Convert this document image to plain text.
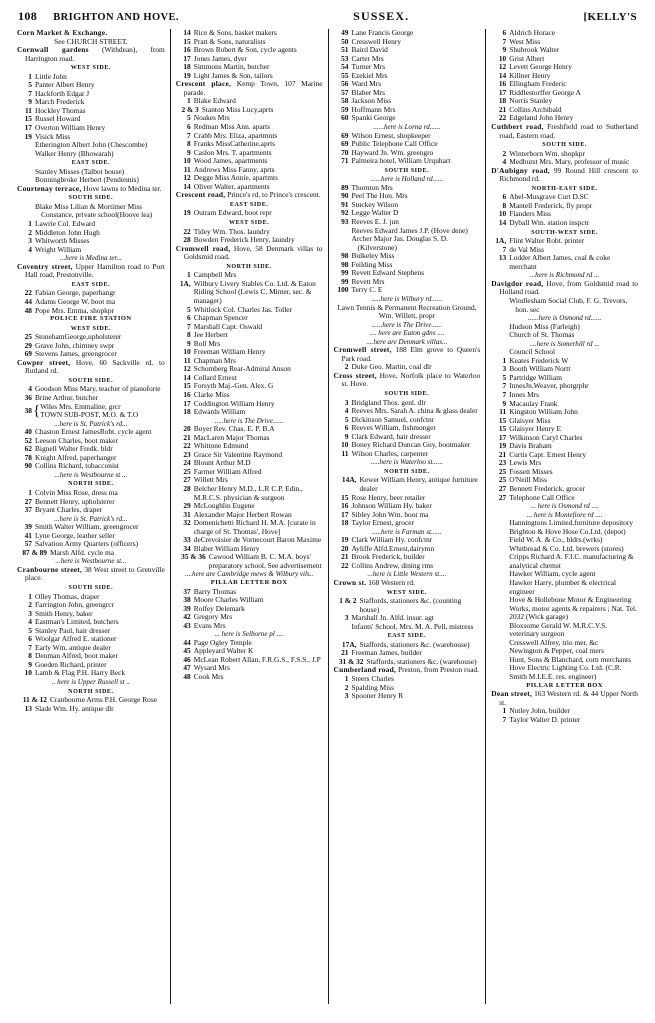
108 BRIGHTON AND HOVE.	SUSSEX.	[KELLY'S

Corn Market & Exchange.

See CHURCH STREET.

Cornwall gardens (Withdean), from Harrington road.

WEST SIDE.

1 Little John

5 Panter Albert Henry

7 Hackforth Edgar J

9 March Frederick

11 Hockley Thomas

15 Russel Howard

17 Overton William Henry

19 Visick Miss

Etherington Albert John (Chescombe)

Walker Henry (Bhowarah)

EAST SIDE.

Stanley Misses (Talbot house)

Bonningbroke Herbert (Pendennis)

Courtenay terrace, Hove lawns to Medina ter.

SOUTH SIDE.

Blake Miss Lilian & Mortimer Miss Constance, private school(Hoove lea)

1 Lawrie Col. Edward

2 Middleton John Hugh

3 Whitworth Misses

4 Wright William

...here is Medina ter...

Coventry street, Upper Hamilton road to Port Hall road, Prestonville.

EAST SIDE.

22 Fabian George, paperhangr

44 Adams George W. boot ma

48 Pope Mrs. Emma, shopkpr

POLICE FIRE STATION

WEST SIDE.

25 StonehamGeorge,upholsterer

29 Grave John, chimney swpr

69 Stevens James, greengrocer

Cowper street, Hove, 60 Sackville rd. to Rutland rd.

SOUTH SIDE.

4 Goodson Miss Mary, teacher of pianoforte

36 Brine Arthur, butcher

38 { Wiles Mrs. Emmaline, grcr

TOWN SUB-POST, M.O. & T.O

...here is St. Patrick's rd...

40 Chaston Ernest JamesRobt. cycle agent

52 Leeson Charles, boot maker

62 Bignell Walter Fredk. bldr

78 Knight Alfred, paperhanger

90 Collins Richard, tobacconist

...here is Westbourne st ...

NORTH SIDE.

1 Colvin Miss Rose, dress ma

27 Bennett Henry, upholsterer

37 Bryant Charles, draper

...here is St. Patrick's rd...

39 Smith Walter William, greengrocer

41 Lyne George, leather seller

57 Salvation Army Quarters (officers)

87 & 89 Marsh Alfd. cycle ma

...here is Westbourne st...

Cranbourne street, 38 West street to Grenville place.

SOUTH SIDE.

1 Olley Thomas, draper

2 Farrington John, greengrcr

3 Smith Henry, baker

4 Eastman's Limited, butchers

5 Stanley Paul, hair dresser

6 Woolgar Alfred E. stationer

7 Early Wm. antique dealer

8 Denman Alfred, boot maker

9 Goeden Richard, printer

10 Lamb & Flag P.H. Harry Beck

.. here is Upper Russell st ..

NORTH SIDE.

11 & 12 Cranbourne Arms P.H. George Rose

13 Slade Wm. Hy. antique dlr

14 Rice & Sons, basket makers

15 Pratt & Sons, naturalists

16 Brown Robert & Son, cycle agents

17 Jones James, dyer

18 Simmons Martin, butcher

19 Light James & Son, tailors

Crescent place, Kemp Town, 107 Marine parade.

1 Blake Edward

2 & 3 Stanton Miss Lucy,aprts

5 Noakes Mrs

6 Redman Miss Ann. aparts

7 Crabb Mrs. Eliza, apartmnts

8 Franks MissCatherine,aprts

9 Caslon Mrs. T. apartments

10 Wood James, apartments

11 Andrews Miss Fanny, aprts

12 Degge Miss Annie, apartmts

14 Oliver Walter, apartments

Crescent road, Prince's rd. to Prince's crescent.

EAST SIDE.

19 Outram Edward, boot repr

WEST SIDE.

22 Tidey Wm. Thos. laundry

28 Bowden Frederick Henry, laundry

Cromwell road, Hove, 58 Denmark villas to Goldsmid road.

NORTH SIDE.

1 Campbell Mrs

1A, Wilbury Livery Stables Co. Ltd. & Eaton Riding School (Lewis C. Minter, sec. & manager)

5 Whitlock Col. Charles Jas. Toller

6 Chapman Spencer

7 Marshall Capt. Oswald

8 Jee Herbert

9 Roll Mrs

10 Freeman William Henry

11 Chapman Mrs

12 Schomberg Rear-Admiral Anson

14 Collard Ernest

15 Forsyth Maj.-Gen. Alex. G

16 Clarke Miss

17 Coddington William Henry

18 Edwards William

.....here is The Drive......

20 Boyer Rev. Chas. E. P. B.A

21 MacLaren Major Thomas

22 Whittone Edmund

23 Grace Sir Valentine Raymond

24 Blount Arthur M.D

25 Farmer William Alfred

27 Willett Mrs

28 Belcher Henry M.D., L.R C.P. Edin., M.R.C.S. physician & surgeon

29 McLoughlin Eugene

31 Alexander Major Herbert Rowan

32 Domenichetti Richard H. M.A. [curate in charge of St. Thomas', Hove]

33 deCrevoisier de Vornecourt Baron Maxime

34 Blaber William Henry

35 & 36 Cawood William B. C. M.A. boys' preparatory school. See advertisement

....here are Cambridge mews & Wilbury vils..

PILLAR LETTER BOX

37 Barry Thomas

38 Moore Charles William

39 Rolfey Delemark

42 Gregory Mrs

43 Evans Mrs

... here is Selborne pl ....

44 Page Ogley Temple

45 Appleyard Walter K

46 McLean Robert Allan, F.R.G.S., F.S.S., J.P

47 Wysard Mrs

48 Cook Mrs

49 Lane Francis George

50 Cresswell Henry

51 Baird David

53 Carter Mrs

54 Turner Mrs

55 Ezekiel Mrs

56 Ward Mrs

57 Blaber Mrs

58 Jackson Miss

59 Hoffmann Mrs

60 Spanki George

......here is Lorna rd......

69 Wilson Ernest, shopkeeper

69 Public Telephone Call Office

70 Hayward Jn. Wm. greengro

71 Palmeira hotel, William Urquhart

SOUTH SIDE.

......here is Holland rd......

89 Thornton Mrs

90 Peel The Hon. Mrs

91 Stuckey Wilson

92 Legge Walter D

93 Reeves E. J. jun

Reeves Edward James J.P. (Hove dene)

Archer Major Jas. Douglas S. D. (Kilverstone)

98 Bulkeley Miss

98 Feilding Miss

99 Revett Edward Stephens

99 Revett Mrs

100 Terry C. E

.....here is Wilbury rd......

Lawn Tennis & Permanent Recreation Ground, Wm. Willett, propr

......here is The Drive......

.... here are Eaton gdns ....

....here are Denmark villas...

Cromwell street, 188 Elm grove to Queen's Park road.

2 Duke Geo. Martin, coal dlr

Cross street, Hove, Norfolk place to Waterloo st. Hove.

SOUTH SIDE.

3 Bridgland Thos. genl. dlr

4 Reeves Mrs. Sarah A. china & glass dealer

5 Dickinson Samuel, confctnr

6 Reeves William, fishmonger

9 Clark Edward, hair dresser

10 Boney Richard Duncan Guy, bootmaker

11 Wilson Charles, carpenter

.....here is Waterloo st......

NORTH SIDE.

14A, Kewer William Henry, antique furniture dealer

15 Rose Henry, beer retailer

16 Johnson William Hy. baker

17 Sibley John Wm. boot ma

18 Taylor Ernest, grocer

.....here is Farman st......

19 Clark William Hy. confctnr

20 Ayliffe Alfd.Ernest,dairymn

21 Brook Frederick, builder

22 Collins Andrew, dining rms

...here is Little Western st....

Crown st. 168 Western rd.

WEST SIDE.

1 & 2 Staffords, stationers &c. (counting house)

3 Marshall Jn. Alfd. insur. agt

Infants' School, Mrs. M. A. Pell, mistress

EAST SIDE.

17A, Staffords, stationers &c. (warehouse)

21 Freeman James, builder

31 & 32 Staffords, stationers &c. (warehouse)

Cumberland road, Preston, from Preston road.

1 Steers Charles

2 Spalding Miss

3 Spooner Henry R

6 Aldrich Horace

7 West Miss

9 Shubrook Walter

10 Grist Albert

12 Levett George Henry

14 Killner Henry

16 Ellingham Frederic

17 Riddlestorffer George A

18 Norris Stanley

21 Collins Archibald

22 Edgeland John Henry

Cuthbert road, Freshfield road to Sutherland road, Eastern road.

SOUTH SIDE.

2 Winterborn Wm. shopkpr

4 Medhurst Mrs. Mary, professor of music

D'Aubigny road, 99 Round Hill crescent to Richmond rd.

NORTH-EAST SIDE.

6 Abel-Musgrave Curt D.SC

8 Mantell Frederick, fly propr

10 Flanders Miss

14 Dyball Wm. station inspctr

SOUTH-WEST SIDE.

1A, Flint Walter Robt. printer

7 de Val Miss

13 Lodder Albert James, coal & coke merchant

...here is Richmond rd ...

Davigdor road, Hove, from Goldsmid road to Holland road.

Windlesham Social Club, F. G. Trevors, hon. sec

......here is Osmond rd......

Hudson Miss (Farleigh)

Church of St. Thomas

....here is Somerhill rd ...

Council School

1 Keates Frederick W

3 Booth William Nortt

5 Partridge William

7 InnesJn.Weaver, photgrphr

7 Innes Mrs

9 Macaulay Frank

11 Kingston William John

15 Glaisyer Miss

15 Glaisyer Henry E

17 Wilkinson Caryl Charles

19 Davis Braham

21 Curtis Capt. Ernest Henry

23 Lewis Mrs

25 Fossett Misses

25 O'Neill Miss

27 Bennett Frederick, grocer

27 Telephone Call Office

... here is Osmond rd ....

... here is Montefiore rd ....

Hanningtons Limited,furniture depository

Brighton & Hove Hose Co.Ltd. (depot)

Field W. A. & Co., bldrs.(wrks)

Whitbread & Co. Ltd. brewers (stores)

Cripps Richard A. F.I.C. manufacturing & analytical chemst

Hawker William, cycle agent

Hawker Harry, plumber & electrical engineer

Hove & Hollebone Motor & Engineering Works, motor agents & repairers ; Nat. Tel. 2032 (Wick garage)

Bloxsome Gerald W. M.R.C.V.S. veterinary surgeon

Cresswell Alfrey, trio mer. &c

Newington & Pepper, coal mers

Hunt, Sons & Blanchard, corn merchants

Hove Electric Lighting Co. Ltd. (C.R. Smith M.I.E.E. res. engineer)

PILLAR LETTER BOX

Dean street, 163 Western rd. & 44 Upper North st.

1 Nutley John, builder

7 Taylor Walter D. printer
